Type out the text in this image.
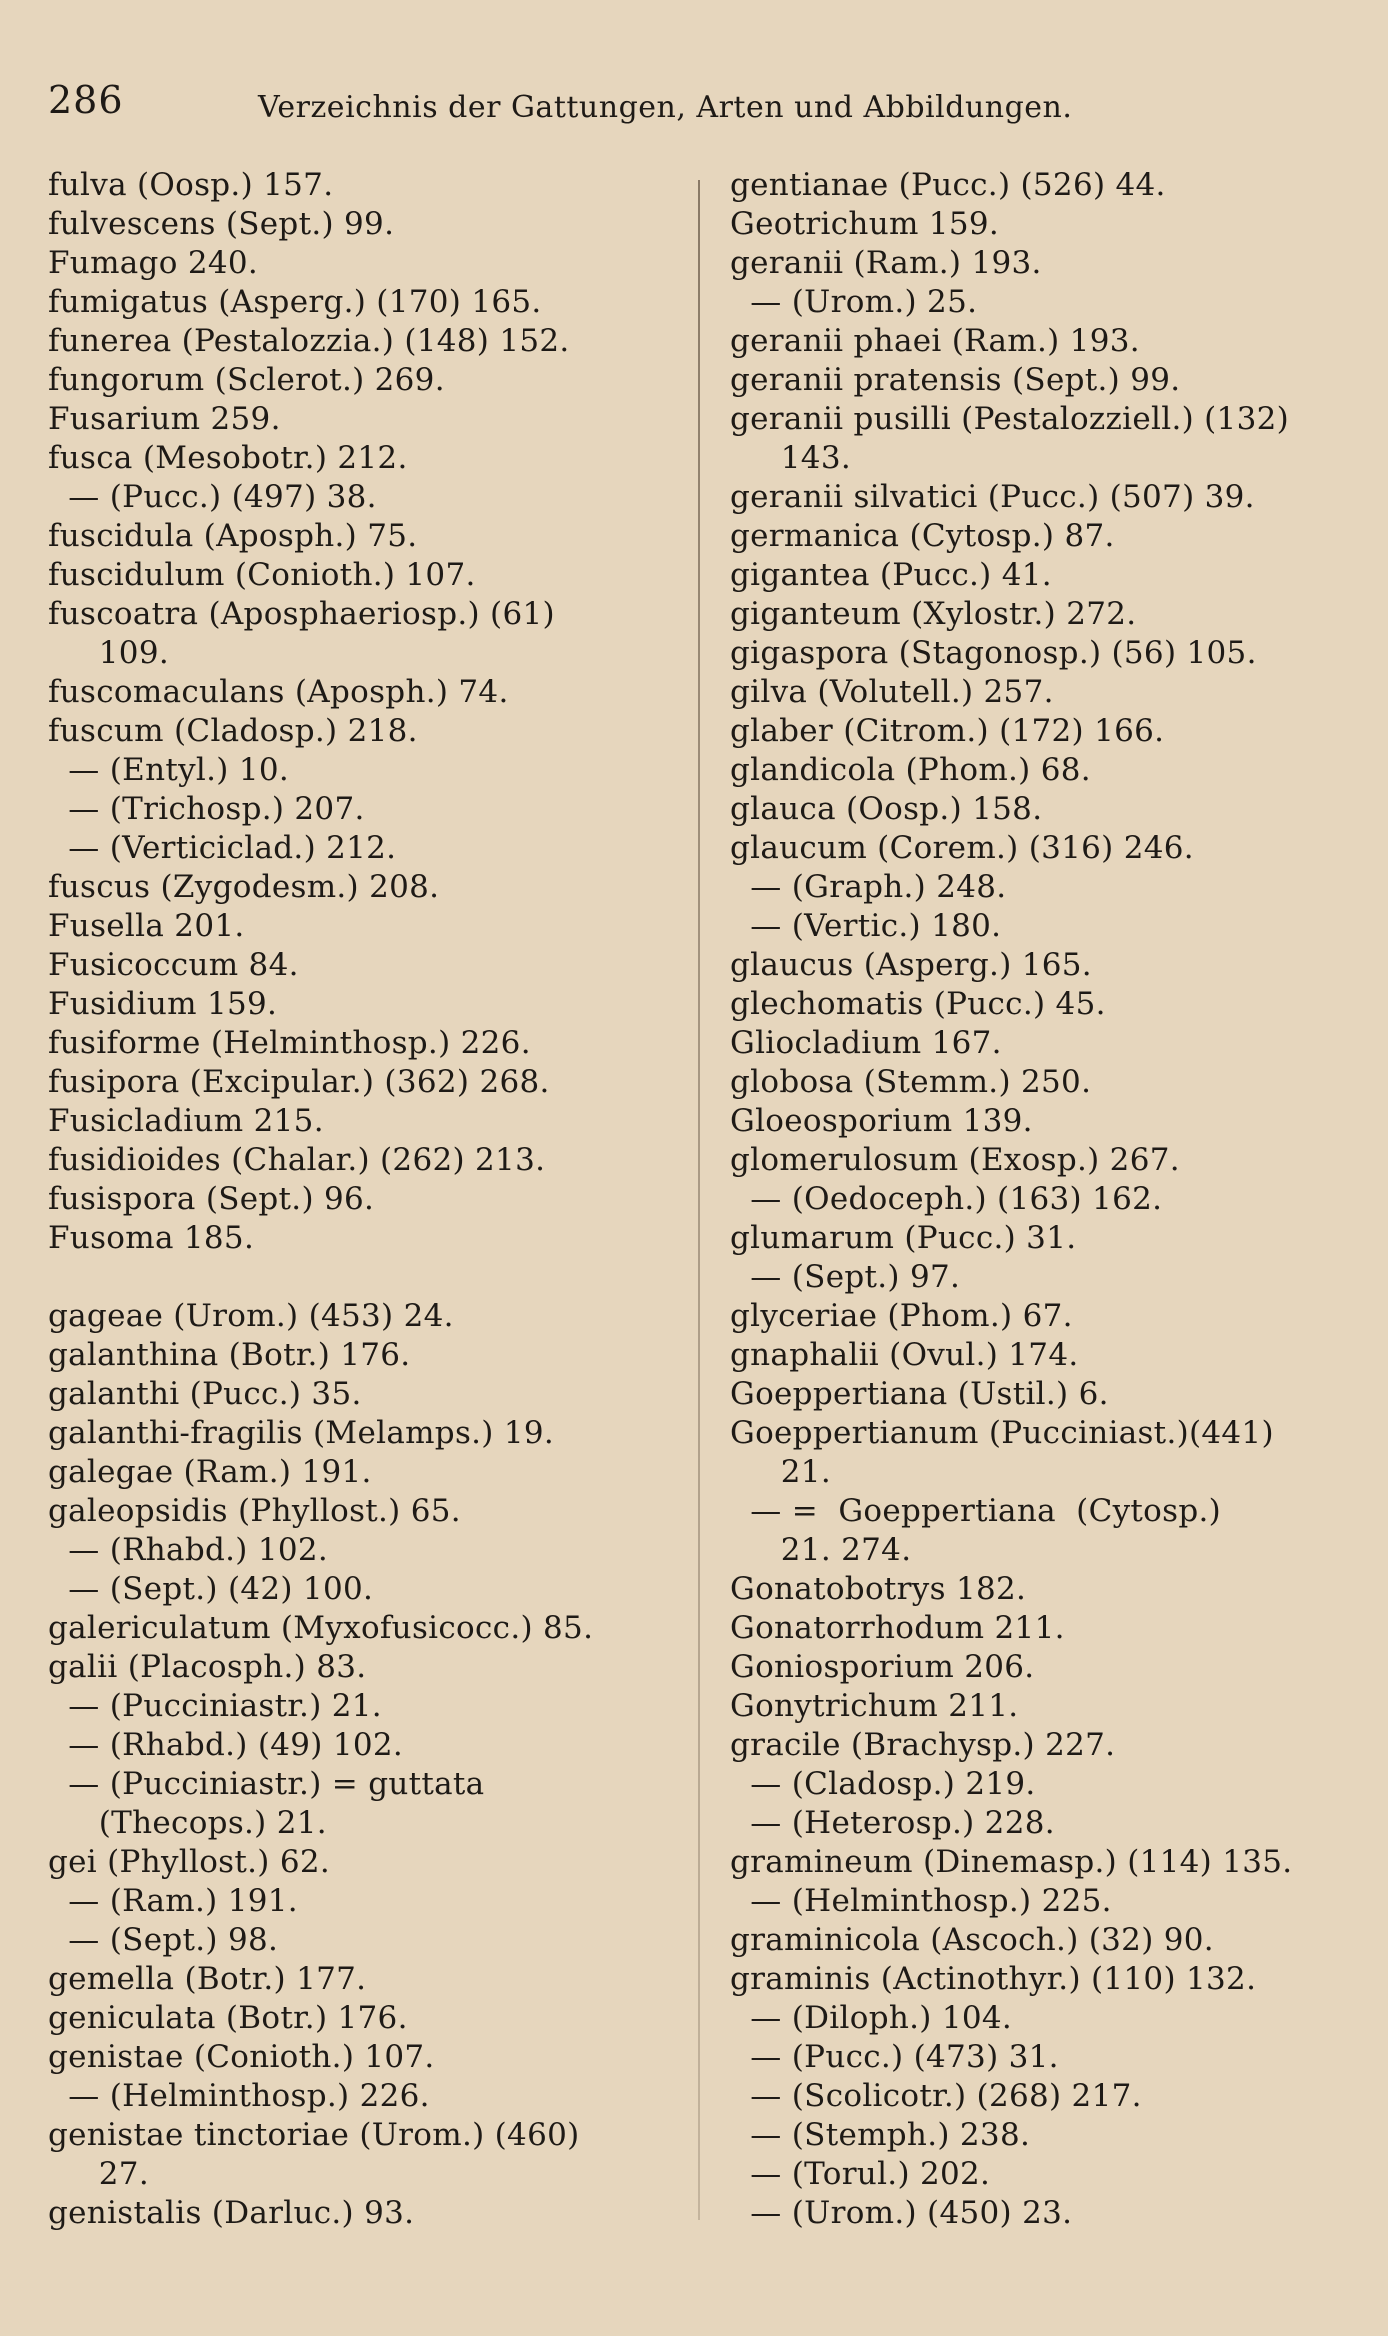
286	Verzeichnis der Gattungen, Arten und Abbildungen.
fulva (Oosp.) 157.
fulvescens (Sept.) 99.
Fumago 240.
fumigatus (Asperg.) (170) 165.
funerea (Pestalozzia.) (148) 152.
fungorum (Sclerot.) 269.
Fusarium 259.
fusca (Mesobotr.) 212.
— (Pucc.) (497) 38.
fuscidula (Aposph.) 75.
fuscidulum (Conioth.) 107.
fuscoatra (Aposphaeriosp.) (61)
109.
fuscomaculans (Aposph.) 74.
fuscum (Cladosp.) 218.
— (Entyl.) 10.
— (Trichosp.) 207.
— (Verticiclad.) 212.
fuscus (Zygodesm.) 208.
Fusella 201.
Fusicoccum 84.
Fusidium 159.
fusiforme (Helminthosp.) 226.
fusipora (Excipular.) (362) 268.
Fusicladium 215.
fusidioides (Chalar.) (262) 213.
fusispora (Sept.) 96.
Fusoma 185.
gageae (Urom.) (453) 24.
galanthina (Botr.) 176.
galanthi (Pucc.) 35.
galanthi-fragilis (Melamps.) 19.
galegae (Ram.) 191.
galeopsidis (Phyllost.) 65.
— (Rhabd.) 102.
— (Sept.) (42) 100.
galericulatum (Myxofusicocc.) 85.
galii (Placosph.) 83.
— (Pucciniastr.) 21.
— (Rhabd.) (49) 102.
— (Pucciniastr.) = guttata
(Thecops.) 21.
gei (Phyllost.) 62.
— (Ram.) 191.
— (Sept.) 98.
gemella (Botr.) 177.
geniculata (Botr.) 176.
genistae (Conioth.) 107.
— (Helminthosp.) 226.
genistae tinctoriae (Urom.) (460)
27.
genistalis (Darluc.) 93.
gentianae (Pucc.) (526) 44.
Geotrichum 159.
geranii (Ram.) 193.
— (Urom.) 25.
geranii phaei (Ram.) 193.
geranii pratensis (Sept.) 99.
geranii pusilli (Pestalozziell.) (132)
143.
geranii silvatici (Pucc.) (507) 39.
germanica (Cytosp.) 87.
gigantea (Pucc.) 41.
giganteum (Xylostr.) 272.
gigaspora (Stagonosp.) (56) 105.
gilva (Volutell.) 257.
glaber (Citrom.) (172) 166.
glandicola (Phom.) 68.
glauca (Oosp.) 158.
glaucum (Corem.) (316) 246.
— (Graph.) 248.
— (Vertic.) 180.
glaucus (Asperg.) 165.
glechomatis (Pucc.) 45.
Gliocladium 167.
globosa (Stemm.) 250.
Gloeosporium 139.
glomerulosum (Exosp.) 267.
— (Oedoceph.) (163) 162.
glumarum (Pucc.) 31.
— (Sept.) 97.
glyceriae (Phom.) 67.
gnaphalii (Ovul.) 174.
Goeppertiana (Ustil.) 6.
Goeppertianum (Pucciniast.)(441)
21.
— =  Goeppertiana  (Cytosp.)
21. 274.
Gonatobotrys 182.
Gonatorrhodum 211.
Goniosporium 206.
Gonytrichum 211.
gracile (Brachysp.) 227.
— (Cladosp.) 219.
— (Heterosp.) 228.
gramineum (Dinemasp.) (114) 135.
— (Helminthosp.) 225.
graminicola (Ascoch.) (32) 90.
graminis (Actinothyr.) (110) 132.
— (Diloph.) 104.
— (Pucc.) (473) 31.
— (Scolicotr.) (268) 217.
— (Stemph.) 238.
— (Torul.) 202.
— (Urom.) (450) 23.
